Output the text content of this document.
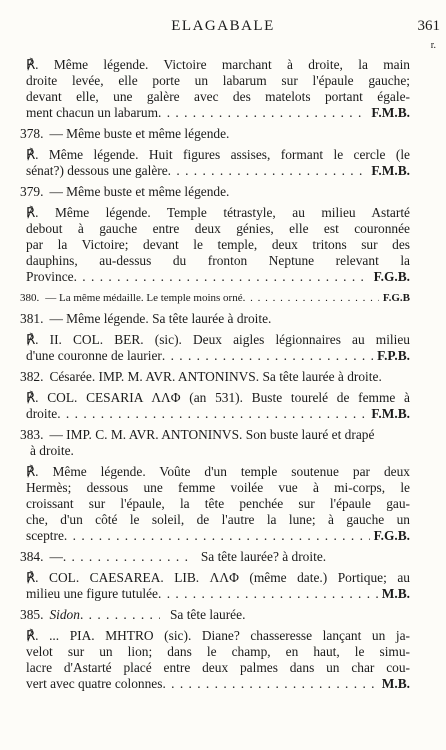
ELAGABALE	361
r.
℟. Même légende. Victoire marchant à droite, la main
droite levée, elle porte un labarum sur l'épaule gauche;
devant elle, une galère avec des matelots portant égale-
ment chacun un labarum . . .	F.M.B.
378. — Même buste et même légende.
℟. Même légende. Huit figures assises, formant le cercle (le
sénat?) dessous une galère . . .	F.M.B.
379. — Même buste et même légende.
℟. Même légende. Temple tétrastyle, au milieu Astarté
debout à gauche entre deux génies, elle est couronnée
par la Victoire; devant le temple, deux tritons sur des
dauphins, au-dessus du fronton Neptune relevant la
Province . . .	F.G.B.
380. — La même médaille. Le temple moins orné . . .	F.G.B
381. — Même légende. Sa tête laurée à droite.
℟. II. COL. BER. (sic). Deux aigles légionnaires au milieu
d'une couronne de laurier . . .	F.P.B.
382. Césarée. IMP. M. AVR. ANTONINVS. Sa tête laurée à droite.
℟. COL. CESARIA ΛΛΦ (an 531). Buste tourelé de femme à
droite . . .	F.M.B.
383. — IMP. C. M. AVR. ANTONINVS. Son buste lauré et drapé
à droite.
℟. Même légende. Voûte d'un temple soutenue par deux
Hermès; dessous une femme voilée vue à mi-corps, le
croissant sur l'épaule, la tête penchée sur l'épaule gau-
che, d'un côté le soleil, de l'autre la lune; à gauche un
sceptre . . .	F.G.B.
384. — . . .	Sa tête laurée? à droite.
℟. COL. CAESAREA. LIB. ΛΛΦ (même date.) Portique; au
milieu une figure tutulée . . .	M.B.
385. Sidon . . .	Sa tête laurée.
℟. ... PIA. MHTRO (sic). Diane? chasseresse lançant un ja-
velot sur un lion; dans le champ, en haut, le simu-
lacre d'Astarté placé entre deux palmes dans un char cou-
vert avec quatre colonnes . . .	M.B.
